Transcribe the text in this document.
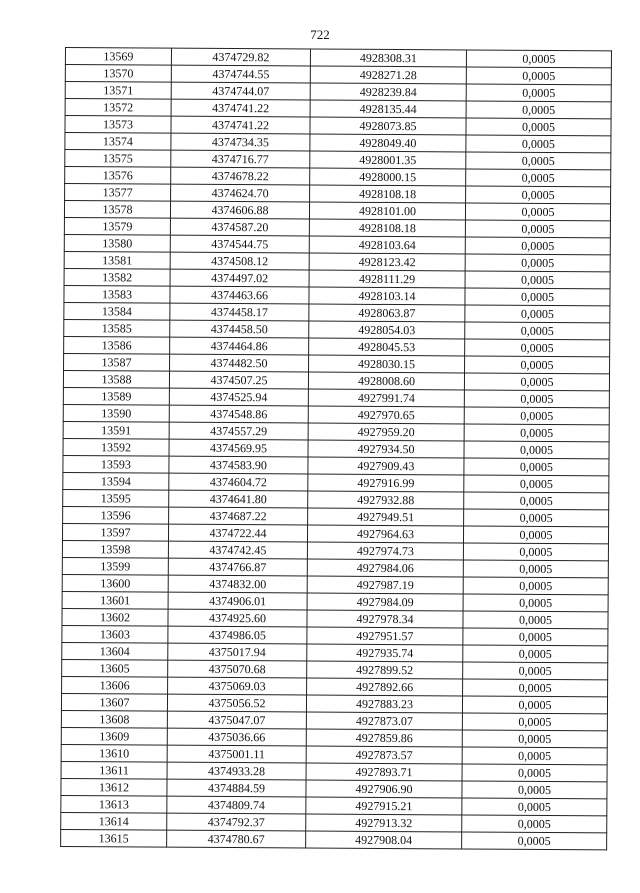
722
13569	4374729.82	4928308.31	0,0005
13570	4374744.55	4928271.28	0,0005
13571	4374744.07	4928239.84	0,0005
13572	4374741.22	4928135.44	0,0005
13573	4374741.22	4928073.85	0,0005
13574	4374734.35	4928049.40	0,0005
13575	4374716.77	4928001.35	0,0005
13576	4374678.22	4928000.15	0,0005
13577	4374624.70	4928108.18	0,0005
13578	4374606.88	4928101.00	0,0005
13579	4374587.20	4928108.18	0,0005
13580	4374544.75	4928103.64	0,0005
13581	4374508.12	4928123.42	0,0005
13582	4374497.02	4928111.29	0,0005
13583	4374463.66	4928103.14	0,0005
13584	4374458.17	4928063.87	0,0005
13585	4374458.50	4928054.03	0,0005
13586	4374464.86	4928045.53	0,0005
13587	4374482.50	4928030.15	0,0005
13588	4374507.25	4928008.60	0,0005
13589	4374525.94	4927991.74	0,0005
13590	4374548.86	4927970.65	0,0005
13591	4374557.29	4927959.20	0,0005
13592	4374569.95	4927934.50	0,0005
13593	4374583.90	4927909.43	0,0005
13594	4374604.72	4927916.99	0,0005
13595	4374641.80	4927932.88	0,0005
13596	4374687.22	4927949.51	0,0005
13597	4374722.44	4927964.63	0,0005
13598	4374742.45	4927974.73	0,0005
13599	4374766.87	4927984.06	0,0005
13600	4374832.00	4927987.19	0,0005
13601	4374906.01	4927984.09	0,0005
13602	4374925.60	4927978.34	0,0005
13603	4374986.05	4927951.57	0,0005
13604	4375017.94	4927935.74	0,0005
13605	4375070.68	4927899.52	0,0005
13606	4375069.03	4927892.66	0,0005
13607	4375056.52	4927883.23	0,0005
13608	4375047.07	4927873.07	0,0005
13609	4375036.66	4927859.86	0,0005
13610	4375001.11	4927873.57	0,0005
13611	4374933.28	4927893.71	0,0005
13612	4374884.59	4927906.90	0,0005
13613	4374809.74	4927915.21	0,0005
13614	4374792.37	4927913.32	0,0005
13615	4374780.67	4927908.04	0,0005
